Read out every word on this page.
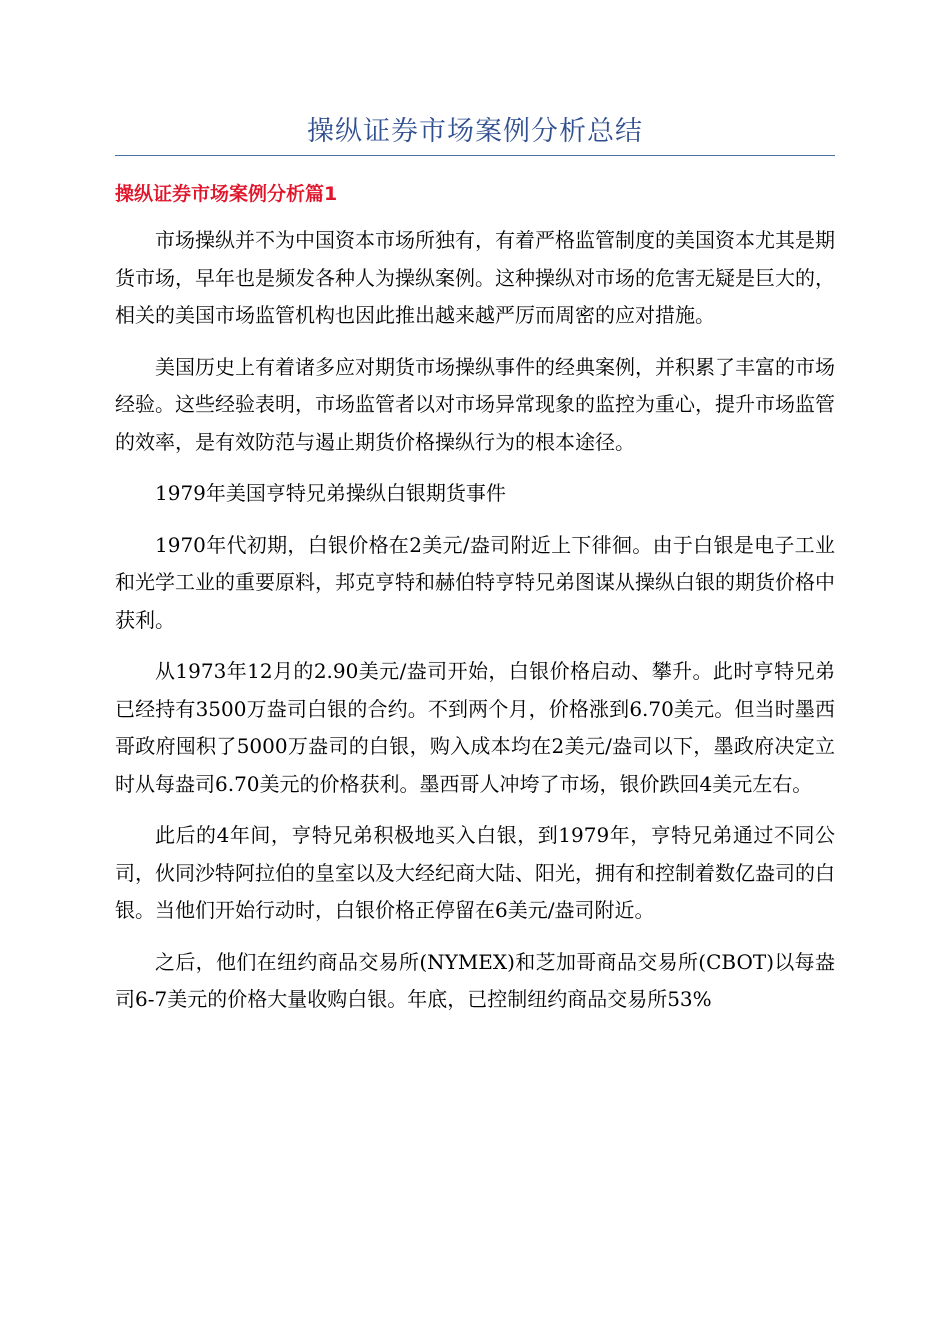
操纵证券市场案例分析总结
操纵证券市场案例分析篇1

市场操纵并不为中国资本市场所独有，有着严格监管制度的美国资本尤其是期货市场，早年也是频发各种人为操纵案例。这种操纵对市场的危害无疑是巨大的，相关的美国市场监管机构也因此推出越来越严厉而周密的应对措施。

美国历史上有着诸多应对期货市场操纵事件的经典案例，并积累了丰富的市场经验。这些经验表明，市场监管者以对市场异常现象的监控为重心，提升市场监管的效率，是有效防范与遏止期货价格操纵行为的根本途径。

1979年美国亨特兄弟操纵白银期货事件

1970年代初期，白银价格在2美元/盎司附近上下徘徊。由于白银是电子工业和光学工业的重要原料，邦克亨特和赫伯特亨特兄弟图谋从操纵白银的期货价格中获利。

从1973年12月的2.90美元/盎司开始，白银价格启动、攀升。此时亨特兄弟已经持有3500万盎司白银的合约。不到两个月，价格涨到6.70美元。但当时墨西哥政府囤积了5000万盎司的白银，购入成本均在2美元/盎司以下，墨政府决定立时从每盎司6.70美元的价格获利。墨西哥人冲垮了市场，银价跌回4美元左右。

此后的4年间，亨特兄弟积极地买入白银，到1979年，亨特兄弟通过不同公司，伙同沙特阿拉伯的皇室以及大经纪商大陆、阳光，拥有和控制着数亿盎司的白银。当他们开始行动时，白银价格正停留在6美元/盎司附近。

之后，他们在纽约商品交易所(NYMEX)和芝加哥商品交易所(CBOT)以每盎司6-7美元的价格大量收购白银。年底，已控制纽约商品交易所53%
